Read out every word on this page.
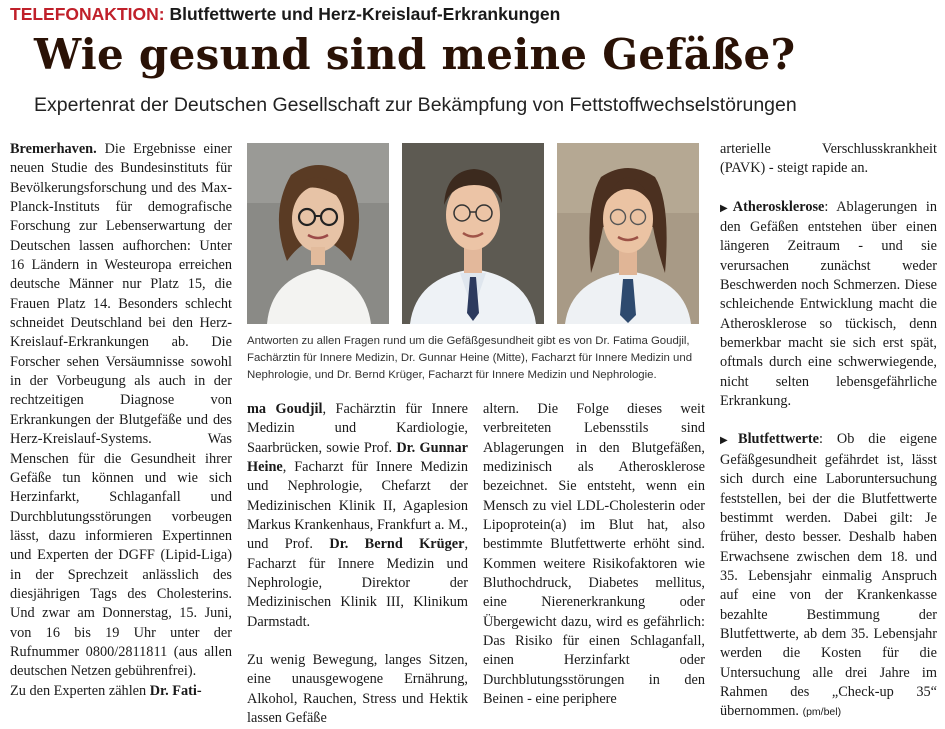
TELEFONAKTION: Blutfettwerte und Herz-Kreislauf-Erkrankungen
Wie gesund sind meine Gefäße?
Expertenrat der Deutschen Gesellschaft zur Bekämpfung von Fettstoffwechselstörungen

Bremerhaven. Die Ergebnisse einer neuen Studie des Bundesinstituts für Bevölkerungsforschung und des Max-Planck-Instituts für demografische Forschung zur Lebenserwartung der Deutschen lassen aufhorchen: Unter 16 Ländern in Westeuropa erreichen deutsche Männer nur Platz 15, die Frauen Platz 14. Besonders schlecht schneidet Deutschland bei den Herz-Kreislauf-Erkrankungen ab. Die Forscher sehen Versäumnisse sowohl in der Vorbeugung als auch in der rechtzeitigen Diagnose von Erkrankungen der Blutgefäße und des Herz-Kreislauf-Systems. Was Menschen für die Gesundheit ihrer Gefäße tun können und wie sich Herzinfarkt, Schlaganfall und Durchblutungsstörungen vorbeugen lässt, dazu informieren Expertinnen und Experten der DGFF (Lipid-Liga) in der Sprechzeit anlässlich des diesjährigen Tags des Cholesterins. Und zwar am Donnerstag, 15. Juni, von 16 bis 19 Uhr unter der Rufnummer 0800/2811811 (aus allen deutschen Netzen gebührenfrei).

Zu den Experten zählen Dr. Fati-

Antworten zu allen Fragen rund um die Gefäßgesundheit gibt es von Dr. Fatima Goudjil, Fachärztin für Innere Medizin, Dr. Gunnar Heine (Mitte), Facharzt für Innere Medizin und Nephrologie, und Dr. Bernd Krüger, Facharzt für Innere Medizin und Nephrologie.

ma Goudjil, Fachärztin für Innere Medizin und Kardiologie, Saarbrücken, sowie Prof. Dr. Gunnar Heine, Facharzt für Innere Medizin und Nephrologie, Chefarzt der Medizinischen Klinik II, Agaplesion Markus Krankenhaus, Frankfurt a. M., und Prof. Dr. Bernd Krüger, Facharzt für Innere Medizin und Nephrologie, Direktor der Medizinischen Klinik III, Klinikum Darmstadt.

Zu wenig Bewegung, langes Sitzen, eine unausgewogene Ernährung, Alkohol, Rauchen, Stress und Hektik lassen Gefäße

altern. Die Folge dieses weit verbreiteten Lebensstils sind Ablagerungen in den Blutgefäßen, medizinisch als Atherosklerose bezeichnet. Sie entsteht, wenn ein Mensch zu viel LDL-Cholesterin oder Lipoprotein(a) im Blut hat, also bestimmte Blutfettwerte erhöht sind. Kommen weitere Risikofaktoren wie Bluthochdruck, Diabetes mellitus, eine Nierenerkrankung oder Übergewicht dazu, wird es gefährlich: Das Risiko für einen Schlaganfall, einen Herzinfarkt oder Durchblutungsstörungen in den Beinen - eine periphere

arterielle Verschlusskrankheit (PAVK) - steigt rapide an.

▶Atherosklerose: Ablagerungen in den Gefäßen entstehen über einen längeren Zeitraum - und sie verursachen zunächst weder Beschwerden noch Schmerzen. Diese schleichende Entwicklung macht die Atherosklerose so tückisch, denn bemerkbar macht sie sich erst spät, oftmals durch eine schwerwiegende, nicht selten lebensgefährliche Erkrankung.

▶Blutfettwerte: Ob die eigene Gefäßgesundheit gefährdet ist, lässt sich durch eine Laboruntersuchung feststellen, bei der die Blutfettwerte bestimmt werden. Dabei gilt: Je früher, desto besser. Deshalb haben Erwachsene zwischen dem 18. und 35. Lebensjahr einmalig Anspruch auf eine von der Krankenkasse bezahlte Bestimmung der Blutfettwerte, ab dem 35. Lebensjahr werden die Kosten für die Untersuchung alle drei Jahre im Rahmen des „Check-up 35“ übernommen. (pm/bel)
